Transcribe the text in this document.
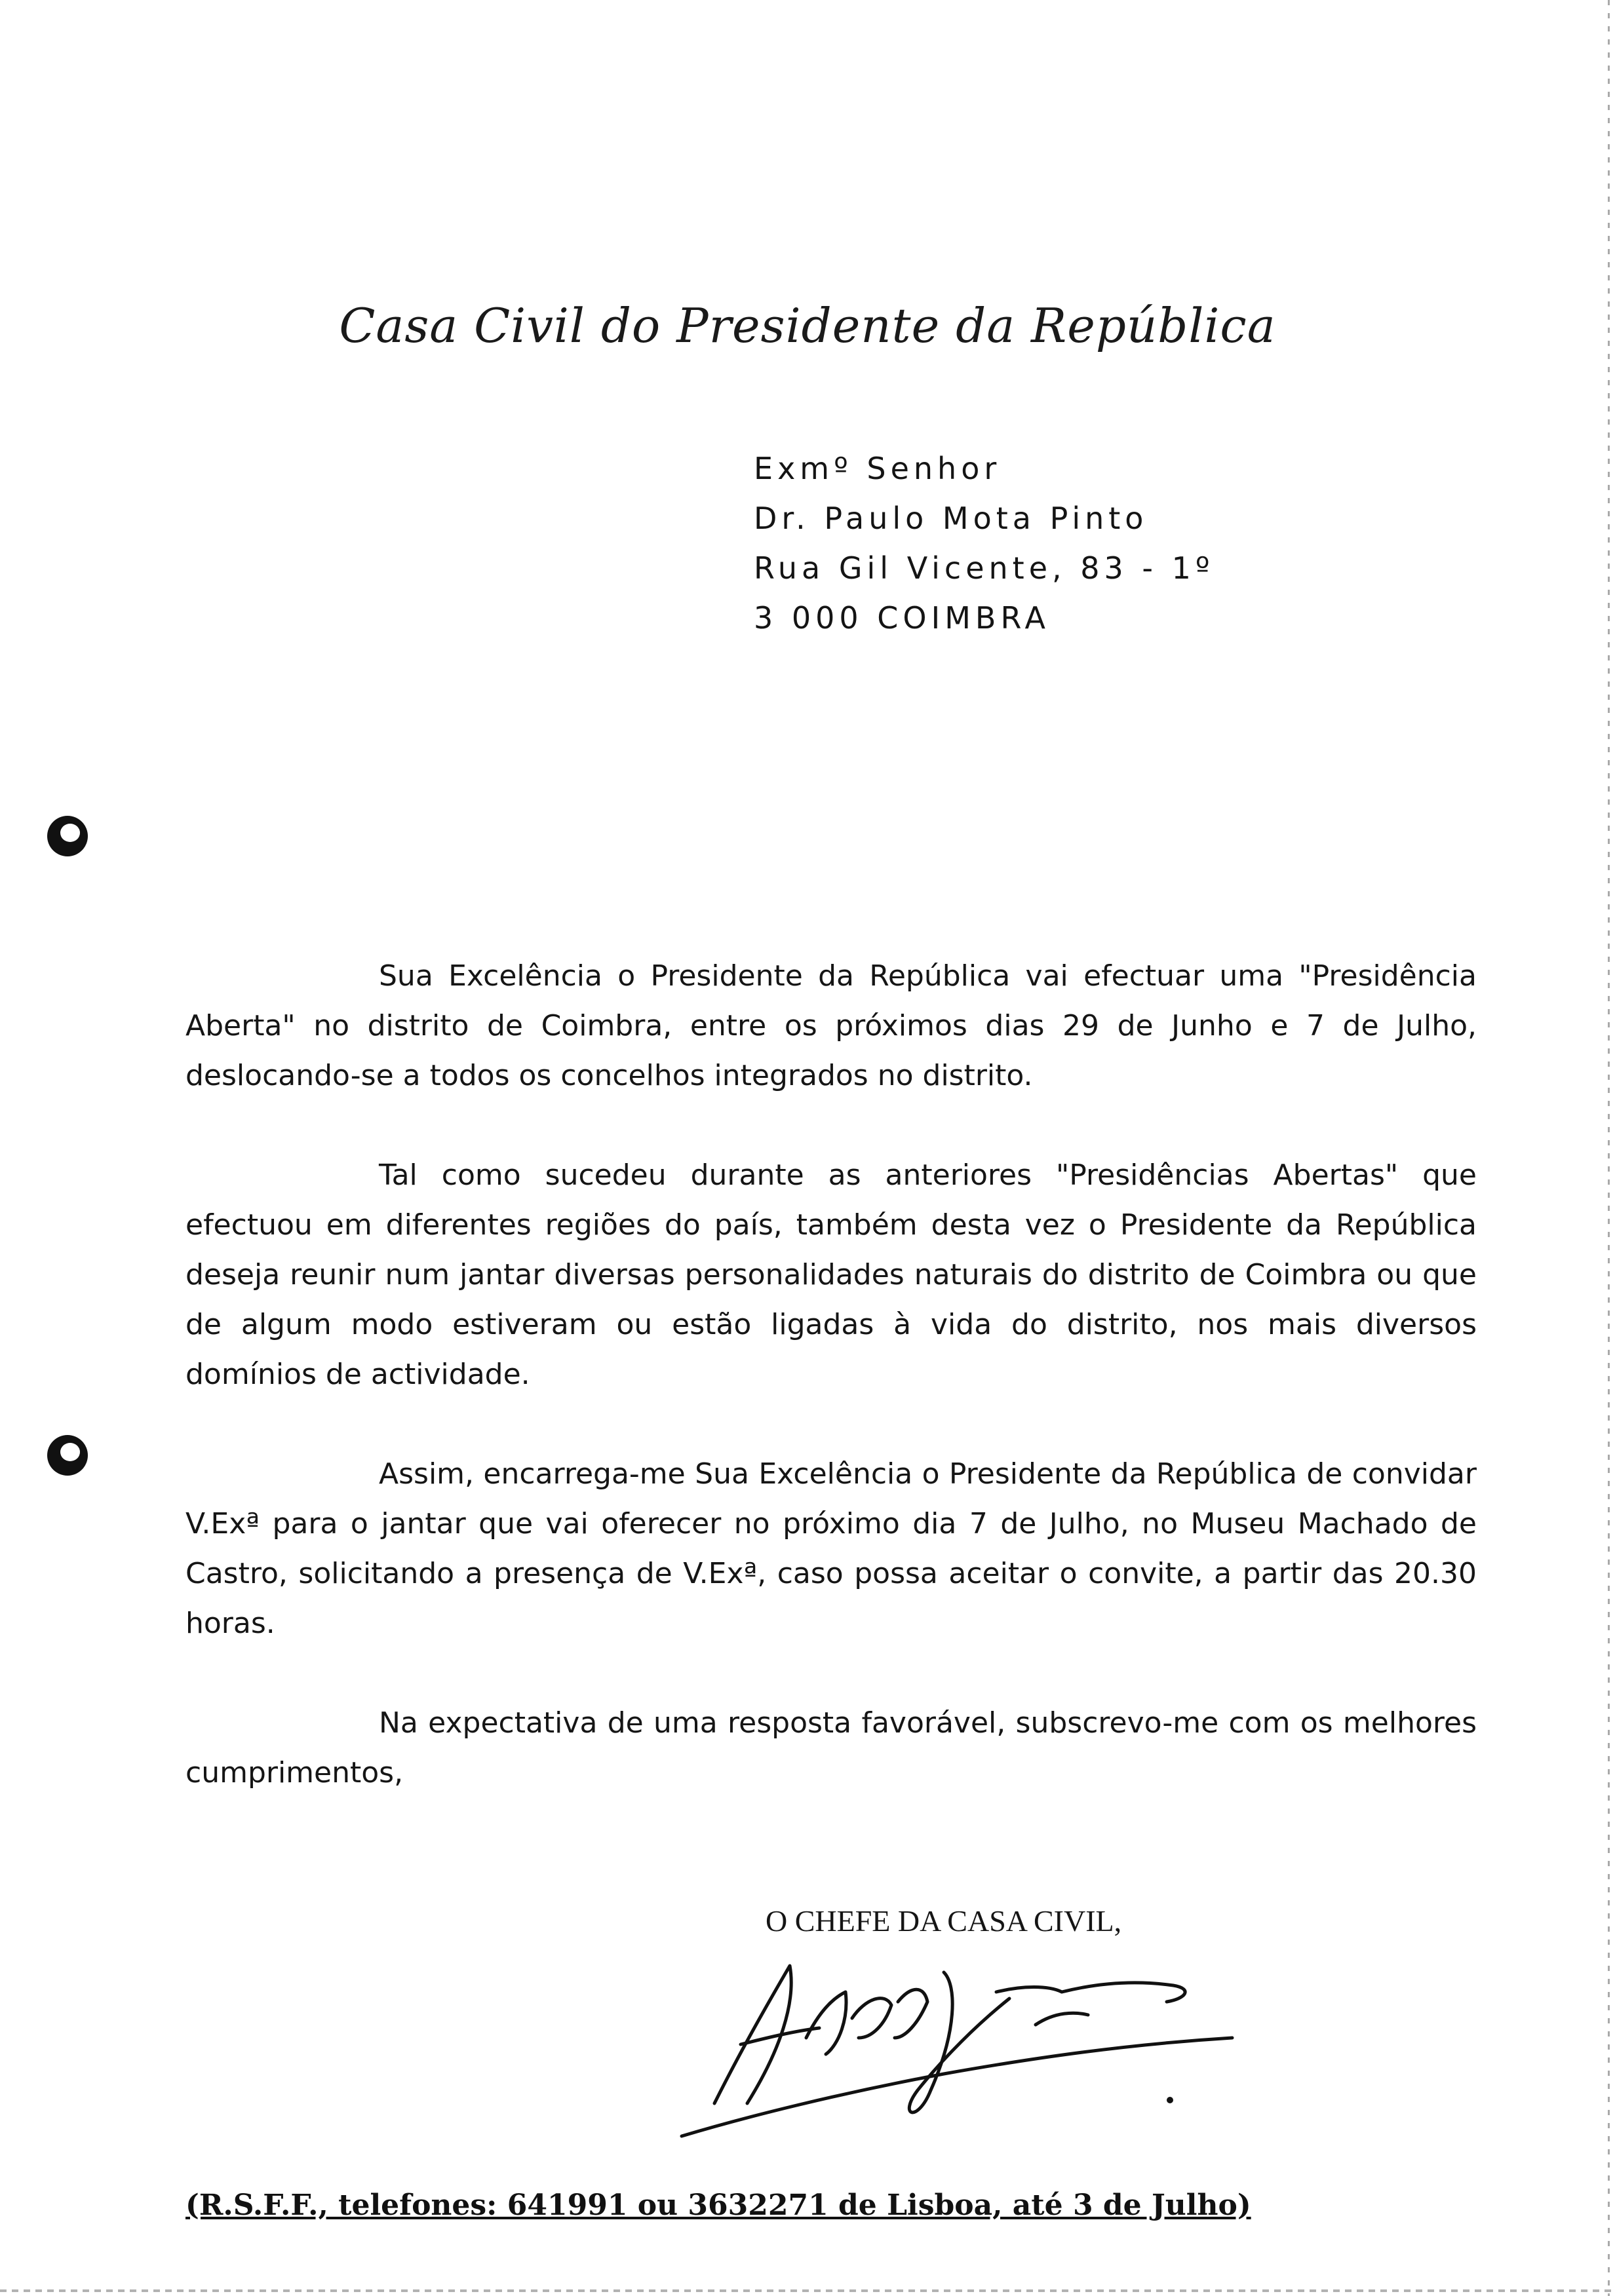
Casa Civil do Presidente da República
Exmº Senhor
Dr. Paulo Mota Pinto
Rua Gil Vicente, 83 - 1º
3 000 COIMBRA

Sua Excelência o Presidente da República vai efectuar uma "Presidência Aberta" no distrito de Coimbra, entre os próximos dias 29 de Junho e 7 de Julho, deslocando-se a todos os concelhos integrados no distrito.

Tal como sucedeu durante as anteriores "Presidências Abertas" que efectuou em diferentes regiões do país, também desta vez o Presidente da República deseja reunir num jantar diversas personalidades naturais do distrito de Coimbra ou que de algum modo estiveram ou estão ligadas à vida do distrito, nos mais diversos domínios de actividade.

Assim, encarrega-me Sua Excelência o Presidente da República de convidar V.Exª para o jantar que vai oferecer no próximo dia 7 de Julho, no Museu Machado de Castro, solicitando a presença de V.Exª, caso possa aceitar o convite, a partir das 20.30 horas.

Na expectativa de uma resposta favorável, subscrevo-me com os melhores cumprimentos,

O CHEFE DA CASA CIVIL,
(R.S.F.F., telefones: 641991 ou 3632271 de Lisboa, até 3 de Julho)
